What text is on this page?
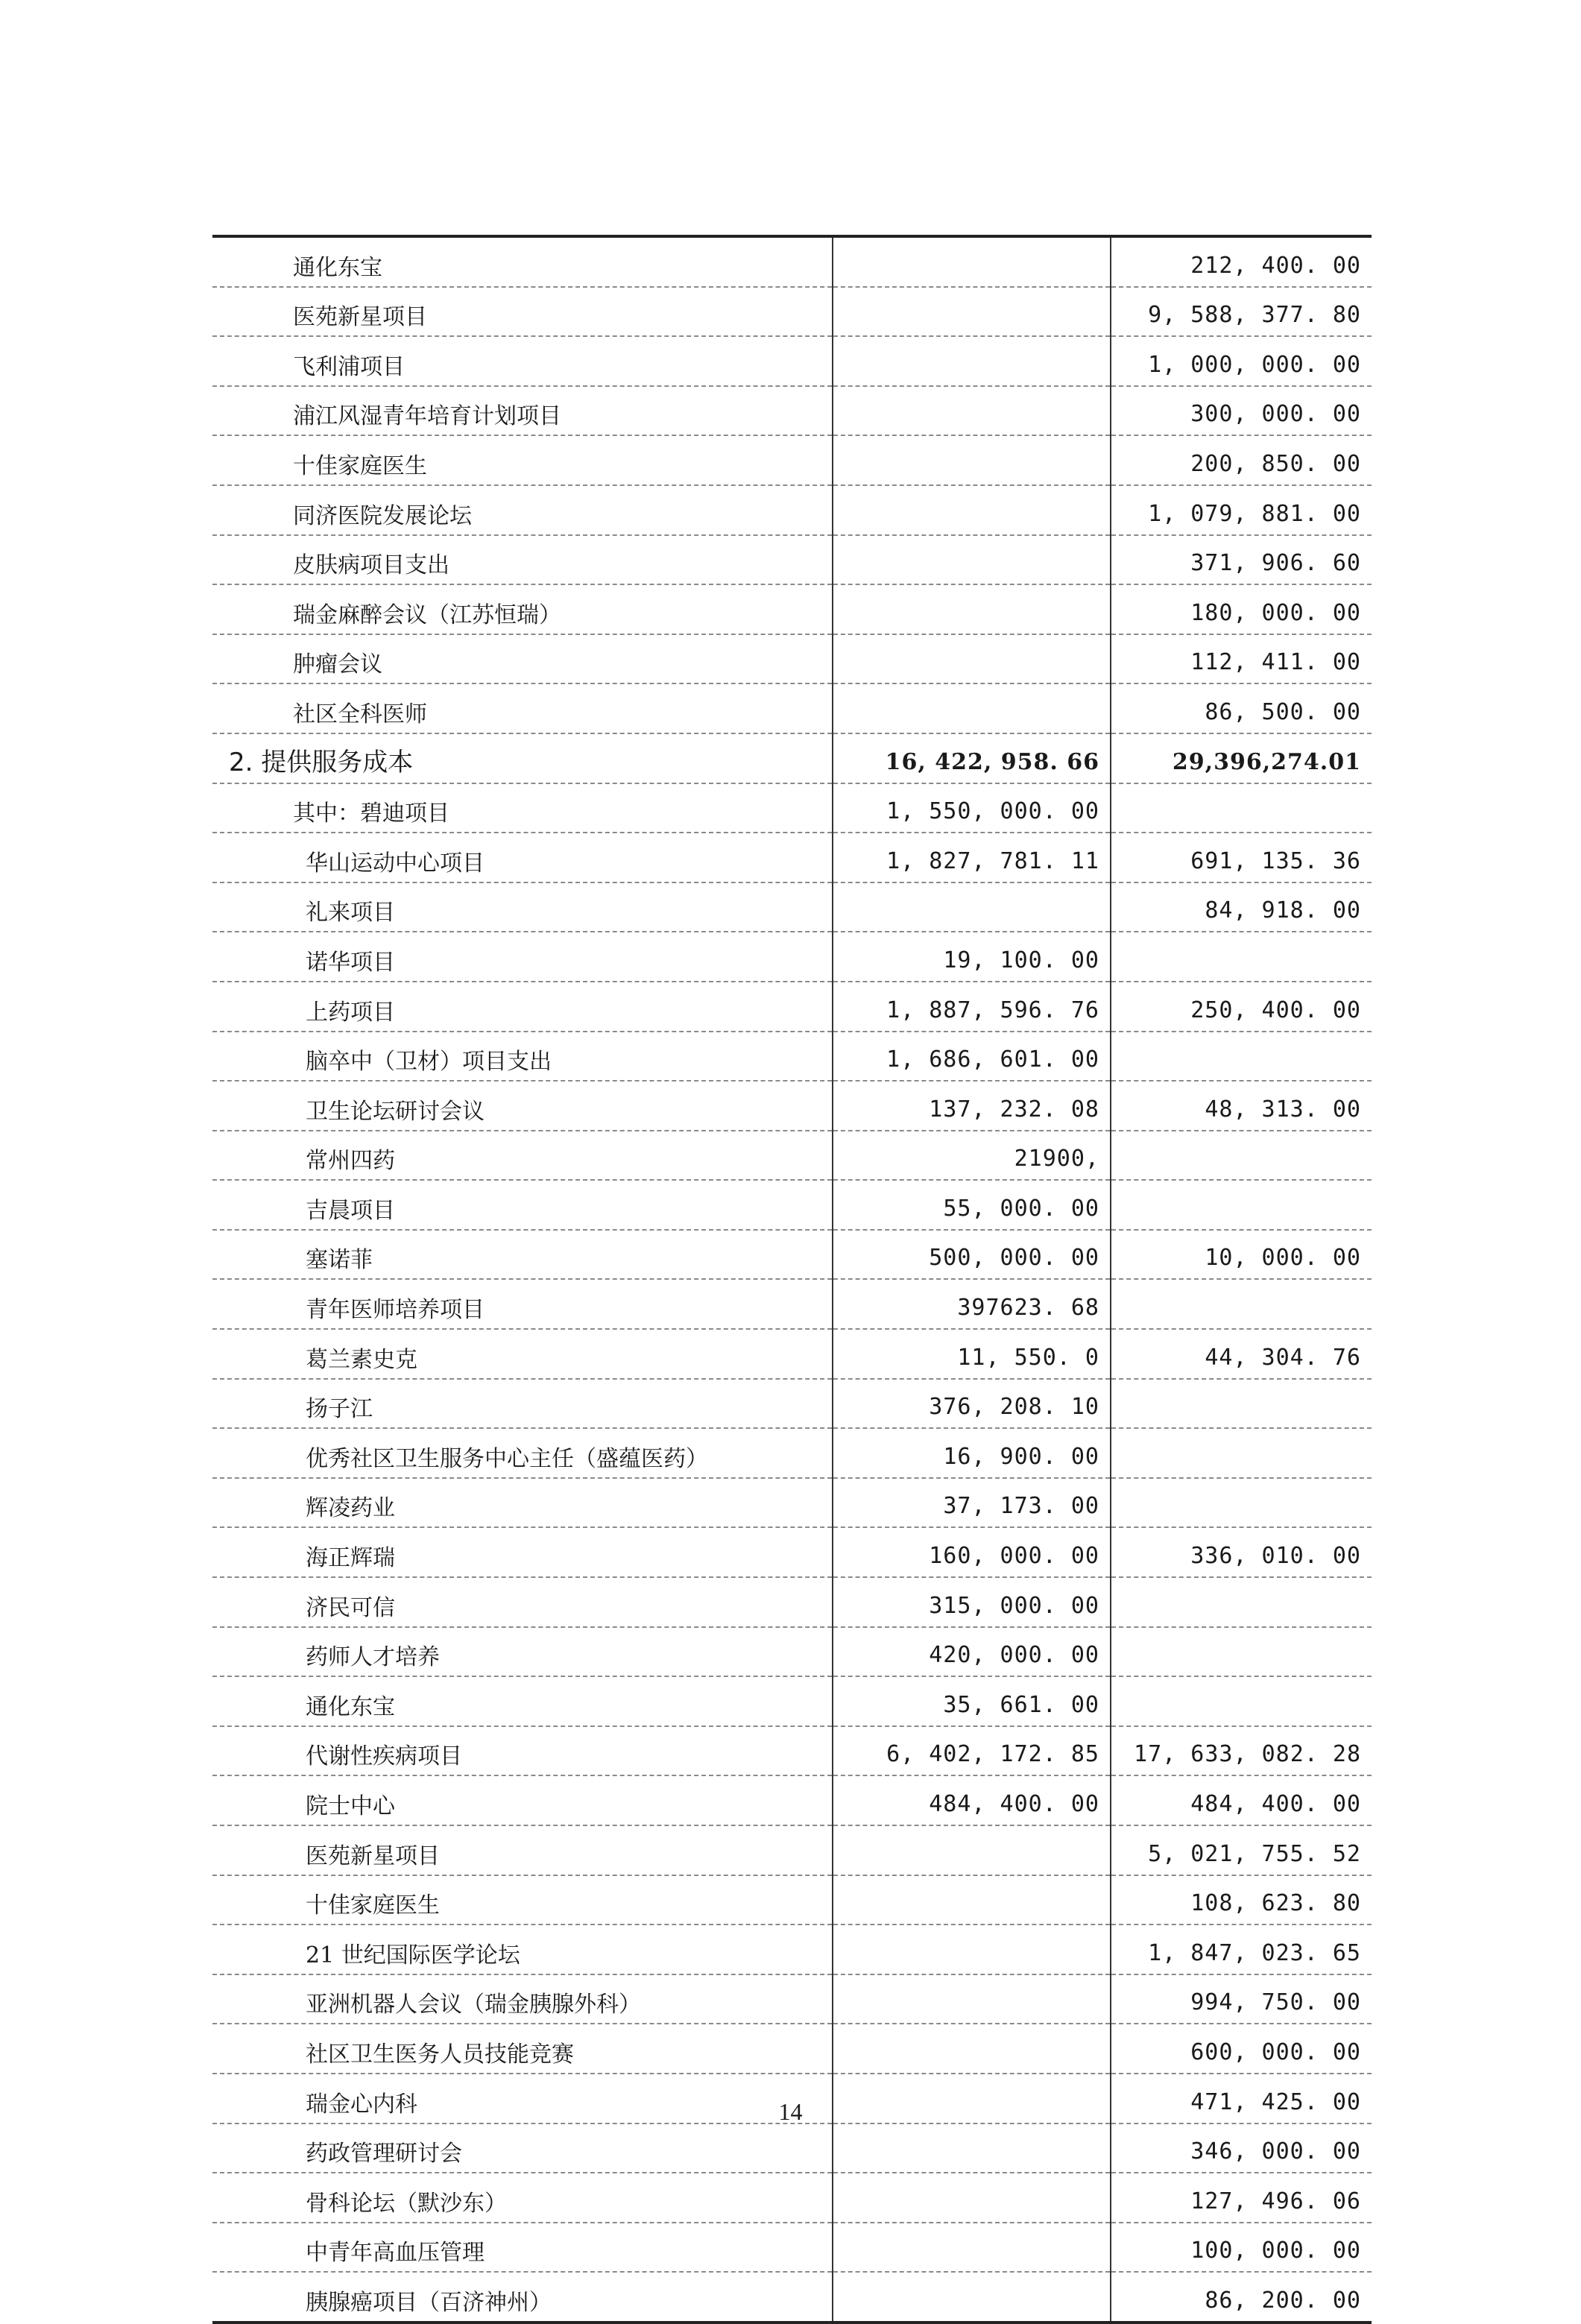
通化东宝		212, 400. 00
医苑新星项目		9, 588, 377. 80
飞利浦项目		1, 000, 000. 00
浦江风湿青年培育计划项目		300, 000. 00
十佳家庭医生		200, 850. 00
同济医院发展论坛		1, 079, 881. 00
皮肤病项目支出		371, 906. 60
瑞金麻醉会议（江苏恒瑞）		180, 000. 00
肿瘤会议		112, 411. 00
社区全科医师		86, 500. 00
2. 提供服务成本	16, 422, 958. 66	29,396,274.01
其中：碧迪项目	1, 550, 000. 00	
华山运动中心项目	1, 827, 781. 11	691, 135. 36
礼来项目		84, 918. 00
诺华项目	19, 100. 00	
上药项目	1, 887, 596. 76	250, 400. 00
脑卒中（卫材）项目支出	1, 686, 601. 00	
卫生论坛研讨会议	137, 232. 08	48, 313. 00
常州四药	21900,	
吉晨项目	55, 000. 00	
塞诺菲	500, 000. 00	10, 000. 00
青年医师培养项目	397623. 68	
葛兰素史克	11, 550. 0	44, 304. 76
扬子江	376, 208. 10	
优秀社区卫生服务中心主任（盛蕴医药）	16, 900. 00	
辉凌药业	37, 173. 00	
海正辉瑞	160, 000. 00	336, 010. 00
济民可信	315, 000. 00	
药师人才培养	420, 000. 00	
通化东宝	35, 661. 00	
代谢性疾病项目	6, 402, 172. 85	17, 633, 082. 28
院士中心	484, 400. 00	484, 400. 00
医苑新星项目		5, 021, 755. 52
十佳家庭医生		108, 623. 80
21 世纪国际医学论坛		1, 847, 023. 65
亚洲机器人会议（瑞金胰腺外科）		994, 750. 00
社区卫生医务人员技能竞赛		600, 000. 00
瑞金心内科		471, 425. 00
药政管理研讨会		346, 000. 00
骨科论坛（默沙东）		127, 496. 06
中青年高血压管理		100, 000. 00
胰腺癌项目（百济神州）		86, 200. 00
14
